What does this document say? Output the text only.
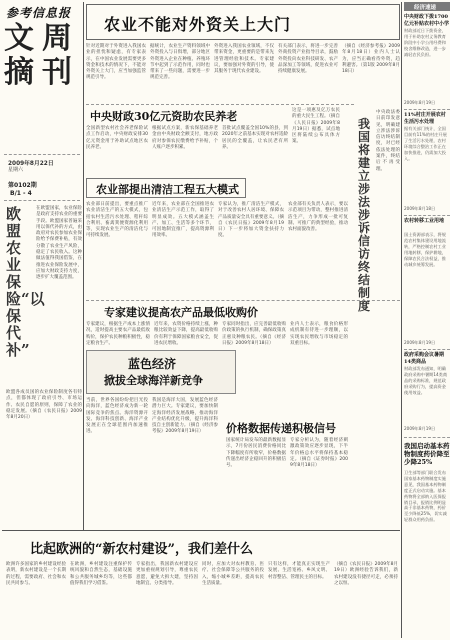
参考信息报
文摘
周刊
2009年8月22日
星期六
第0102期
B/1 - 4
农业不能对外资关上大门
针对近期对于外资进入我国农业的担忧和疑虑，有专家表示，在中国农业发展需要更多资金和技术的情况下，不能对外资关上大门，应当加强监管规范引导。
据统计，农业生产资料领域中外资投入与日俱增，部分地区外资进入企业在种植、养殖环节中起到了示范作用，同时也带来了一些问题，需要进一步规范完善。
外资进入我国农业领域，不仅带来资金，更重要的是带来先进管理经验和技术。专家建议，要加强对外资的引导，使其服务于现代农业建设。
有关部门表示，将进一步完善外商投资产业指导目录，鼓励外资投向农业科技研发、农产品深加工等领域，促进农业可持续健康发展。
（摘自《经济参考报》2009年8月18日）业内人士认为，应当正确看待外资，趋利避害。（第1版 2009年8月18日）
中央财政30亿元资助农民养老
全国新型农村社会养老保险试点工作启动，中央财政安排30亿元资金用于补助试点地区农民养老。
根据试点方案，新农保基础养老金由中央财政全额支付，地方政府对参保农民缴费给予补贴，个人账户逐步积累。
首批试点覆盖全国10%的县，到2020年之前基本实现对农村适龄居民的全覆盖，让农民老有所养。
这是一项惠及亿万农民的重大民生工程。（摘自《人民日报》2009年8月19日）据悉，试点地区将陆续公布具体方案。
我国将建立涉法涉诉信访终结制度
中央政法委日前印发意见，明确建立涉法涉诉信访终结制度，对已经依法处理的案件，终结后不再受理。
农业部提出清洁工程五大模式
农业部日前提出，要重点推广农业清洁生产的五大模式，包括农村生活污水处理、秸秆综合利用、畜禽粪便资源化利用等，实现农业生产的清洁化与可持续发展。
近年来，农业部在全国推进农业清洁生产示范工作，取得了明显成效。五大模式涵盖生产、加工、生活等多个环节，可因地制宜推广，提高资源利用效率。
专家认为，推广清洁生产模式，对于改善农村人居环境、保障农产品质量安全具有重要意义。（摘自《农民日报》2009年8月19日）下一步将加大资金扶持力度。
农业部有关负责人表示，要以示范项目为带动，整村推进清洁生产，力争形成一批可复制、可推广的典型经验，推动农村面貌改善。
欧盟农业保险“以保代补”
在欧盟国家，农业保险是政府支持农业的重要手段。欧盟国家普遍采用以保代补的方式，由政府对农民参加农业保险给予保费补贴，有效分散了农业生产风险，稳定了农民收入。这种做法值得我国借鉴，在推进农业保险发展中，应加大财政支持力度，逐步扩大覆盖范围。
欧盟各成员国的农业保险制度各有特点，但都体现了政府引导、市场运作、农民自愿的原则，保障了农业的稳定发展。（摘自《农民日报》2009年8月20日）
专家建议提高农产品最低收购价
专家建议，根据生产成本上涨情况，适时提高主要农产品最低收购价，保护农民种粮积极性，稳定粮食生产。
近年来，农资价格持续上涨，种粮比较效益下降，提高最低收购价有利于保障国家粮食安全，促进农民增收。
专家同时指出，应完善最低收购价政策的执行机制，确保政策真正惠及种粮农民。（摘自《经济日报》2009年8月18日）
业内人士表示，粮食价格形成机制有待进一步理顺，以实现农民增收与市场稳定的双重目标。
蓝色经济
掀拔全球海洋新竞争
当前，世界各国纷纷把目光投向海洋，蓝色经济成为新一轮国际竞争的焦点。海洋资源开发、海洋科技创新、海洋产业发展正在全球范围内加速推进。
我国是海洋大国，发展蓝色经济潜力巨大。专家建议，要加快制定海洋经济发展战略，推动海洋产业结构优化升级，提升海洋科技自主创新能力。（摘自《经济参考报》2009年8月19日）	价格数据传递积极信号
国家统计局发布的最新数据显示，7月份居民消费价格同比下降幅度有所收窄，价格数据传递出经济企稳回升的积极信号。
专家分析认为，随着经济刺激政策效应逐步显现，下半年价格总水平将保持基本稳定。（摘自《证券时报》2009年8月18日）
经济速递
中央财政下拨1700亿元补贴农村中小学
财政部近日下拨资金，用于补助农村义务教育阶段中小学公用经费和校舍维修改造，进一步减轻农民负担。
2009年8月19日
11%村庄开展农村生活污水处理
据有关部门统计，全国目前有11%的村庄开展了生活污水处理，农村环境综合整治工作正在加快推进，仍需加大投入。
2009年8月18日
农村转移工业用地
国土资源部表示，将规范农村集体建设用地流转，严格控制农村工业用地转移，保护耕地，保障农民合法权益，推动城乡统筹发展。
2009年8月19日
政府采购会议暑期14类商品
财政部发布通知，明确政府采购中暑期14类商品的采购标准，规范政府采购行为，提高资金使用效益。
2009年8月19日
我国启动基本药物制度药价降至少降25%
卫生部等部门联合发布国家基本药物制度实施意见，我国基本药物制度正式启动实施。基本药物将全部纳入医保报销目录，报销比例明显高于非基本药物，药价至少降低25%，切实减轻群众用药负担。
比起欧洲的“新农村建设”，我们差什么
欧洲许多国家的乡村建设经验表明，新农村建设是一个长期的过程，需要政府、社会和农民共同参与。
在欧洲，乡村建设注重保护传统风貌和自然生态，基础设施和公共服务城乡均等，这些都值得我们学习借鉴。
专家指出，我国新农村建设应更加重视规划引导，尊重农民意愿，避免大拆大建，坚持因地制宜、分类指导。
同时，应加大对农村教育、医疗、社会保障等公共服务的投入，缩小城乡差距，提高农民生活质量。
只有这样，才能真正实现生产发展、生活宽裕、乡风文明、村容整洁、管理民主的目标。
（摘自《农民日报》2009年8月19日）欧洲经验告诉我们，新农村建设没有捷径可走，必须持之以恒。
